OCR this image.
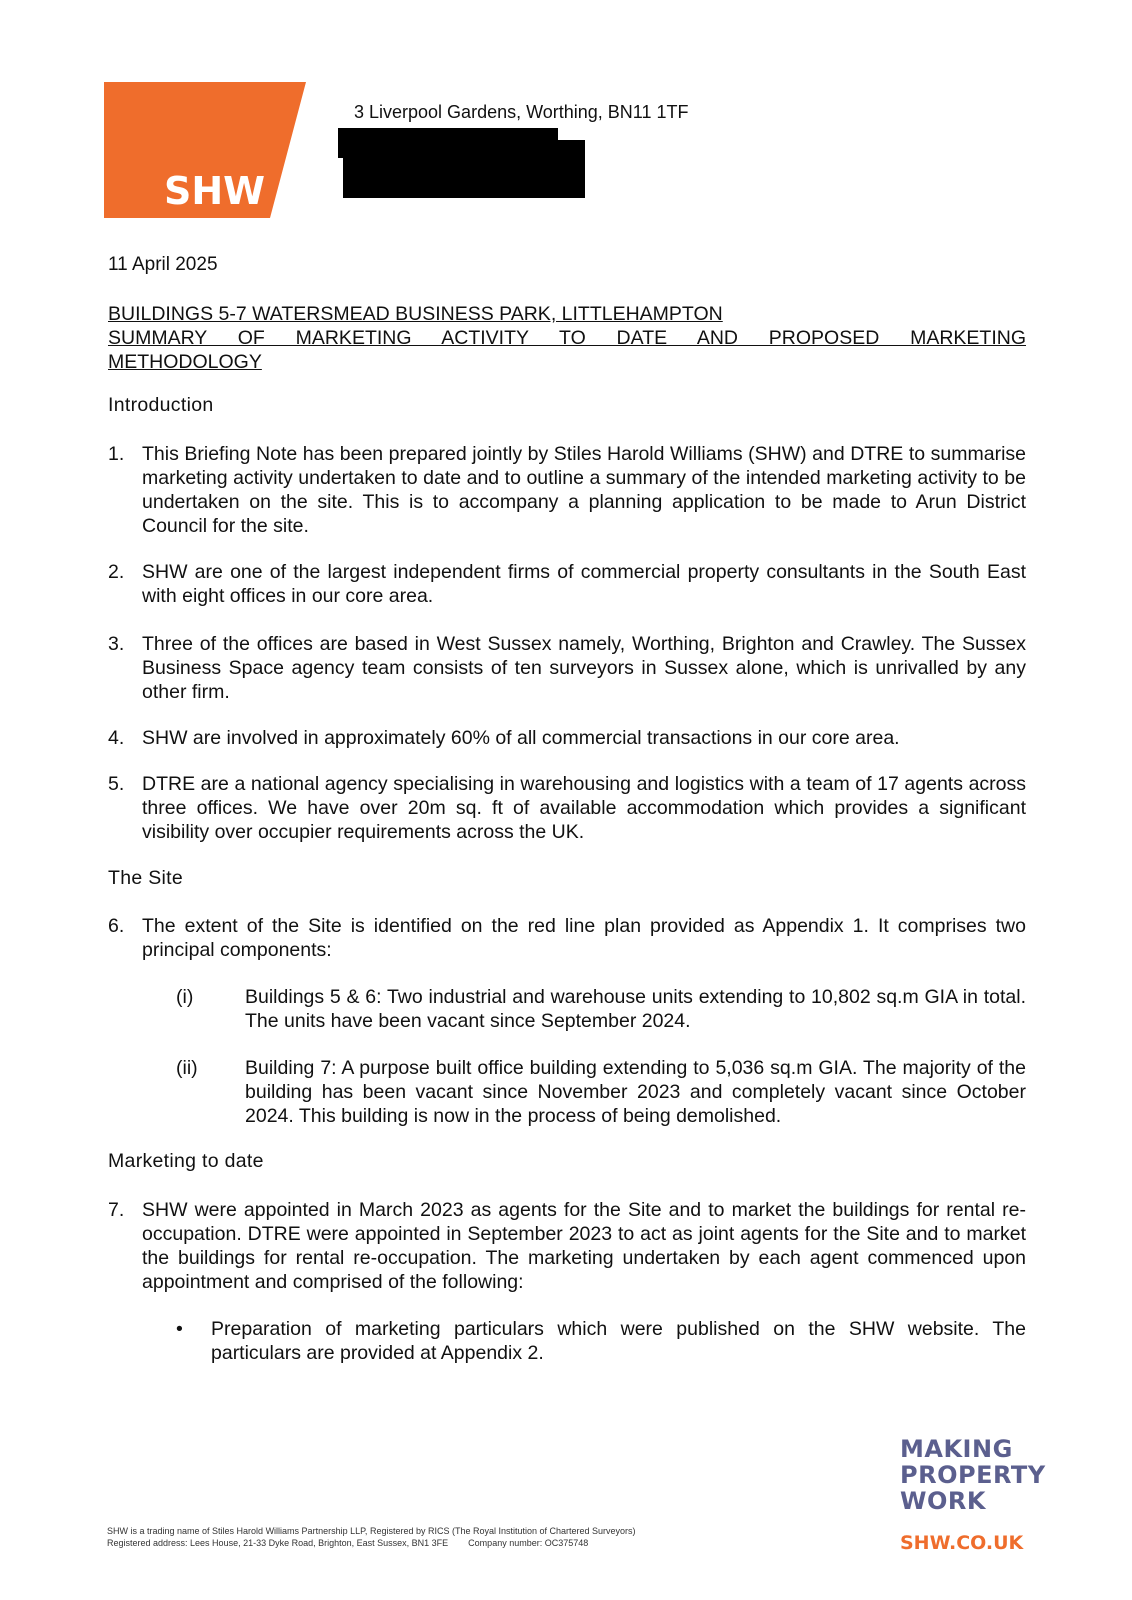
SHW
3 Liverpool Gardens, Worthing, BN11 1TF
11 April 2025
BUILDINGS 5-7 WATERSMEAD BUSINESS PARK, LITTLEHAMPTON
SUMMARY OF MARKETING ACTIVITY TO DATE AND PROPOSED MARKETING
METHODOLOGY
Introduction
1. This Briefing Note has been prepared jointly by Stiles Harold Williams (SHW) and DTRE to summarise marketing activity undertaken to date and to outline a summary of the intended marketing activity to be undertaken on the site. This is to accompany a planning application to be made to Arun District Council for the site.
2. SHW are one of the largest independent firms of commercial property consultants in the South East with eight offices in our core area.
3. Three of the offices are based in West Sussex namely, Worthing, Brighton and Crawley. The Sussex Business Space agency team consists of ten surveyors in Sussex alone, which is unrivalled by any other firm.
4. SHW are involved in approximately 60% of all commercial transactions in our core area.
5. DTRE are a national agency specialising in warehousing and logistics with a team of 17 agents across three offices. We have over 20m sq. ft of available accommodation which provides a significant visibility over occupier requirements across the UK.
The Site
6. The extent of the Site is identified on the red line plan provided as Appendix 1. It comprises two principal components:
(i)	Buildings 5 & 6: Two industrial and warehouse units extending to 10,802 sq.m GIA in total. The units have been vacant since September 2024.
(ii) Building 7: A purpose built office building extending to 5,036 sq.m GIA. The majority of the building has been vacant since November 2023 and completely vacant since October 2024. This building is now in the process of being demolished.
Marketing to date
7. SHW were appointed in March 2023 as agents for the Site and to market the buildings for rental re-occupation. DTRE were appointed in September 2023 to act as joint agents for the Site and to market the buildings for rental re-occupation. The marketing undertaken by each agent commenced upon appointment and comprised of the following:
• Preparation of marketing particulars which were published on the SHW website. The particulars are provided at Appendix 2.
SHW is a trading name of Stiles Harold Williams Partnership LLP, Registered by RICS (The Royal Institution of Chartered Surveyors)
Registered address: Lees House, 21-33 Dyke Road, Brighton, East Sussex, BN1 3FE        Company number: OC375748
MAKING
PROPERTY
WORK
SHW.CO.UK
